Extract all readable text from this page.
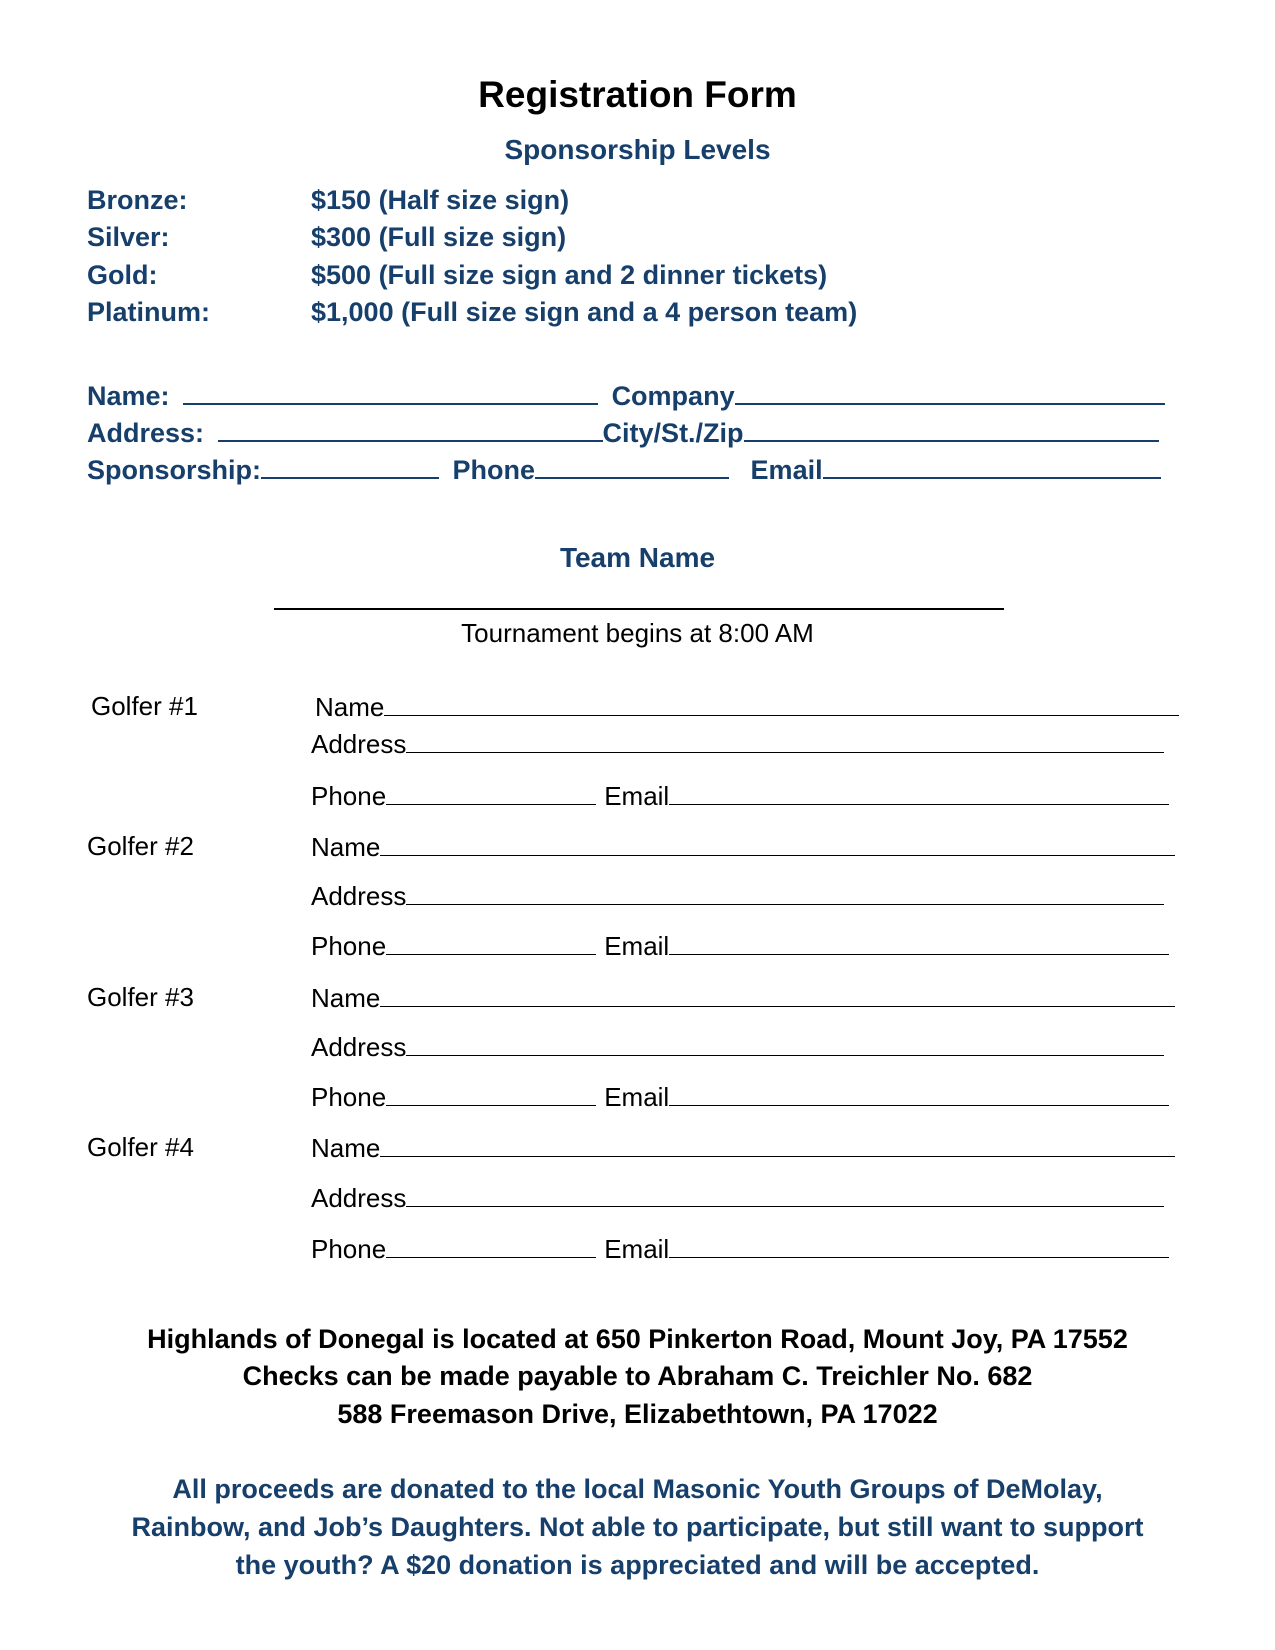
Registration Form
Sponsorship Levels
Bronze:	$150 (Half size sign)
Silver:	$300 (Full size sign)
Gold:	$500 (Full size sign and 2 dinner tickets)
Platinum:	$1,000 (Full size sign and a 4 person team)
Name:	Company
Address:	City/St./Zip
Sponsorship:	Phone	Email
Team Name
Tournament begins at 8:00 AM
Golfer #1	Name
Address
Phone	Email
Golfer #2	Name
Address
Phone	Email
Golfer #3	Name
Address
Phone	Email
Golfer #4	Name
Address
Phone	Email
Highlands of Donegal is located at 650 Pinkerton Road, Mount Joy, PA 17552
Checks can be made payable to Abraham C. Treichler No. 682
588 Freemason Drive, Elizabethtown, PA 17022
All proceeds are donated to the local Masonic Youth Groups of DeMolay,
Rainbow, and Job’s Daughters. Not able to participate, but still want to support
the youth? A $20 donation is appreciated and will be accepted.
